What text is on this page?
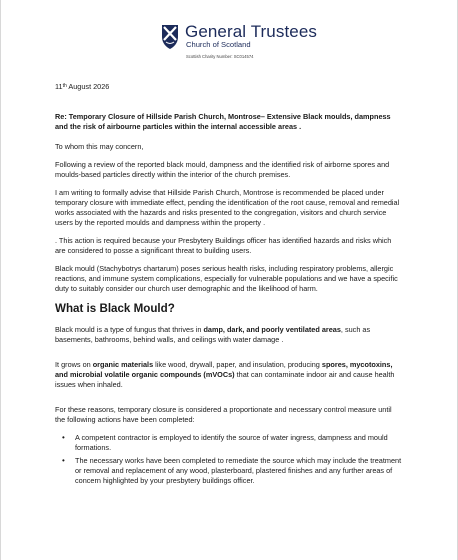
General Trustees
Church of Scotland
Scottish Charity Number: SC014574

11th August 2026

Re: Temporary Closure of Hillside Parish Church, Montrose– Extensive Black moulds, dampness and the risk of airbourne particles within the internal accessible areas .

To whom this may concern,

Following a review of the reported black mould, dampness and the identified risk of airborne spores and moulds-based particles directly within the interior of the church premises.

I am writing to formally advise that Hillside Parish Church, Montrose is recommended be placed under temporary closure with immediate effect, pending the identification of the root cause, removal and remedial works associated with the hazards and risks presented to the congregation, visitors and church service users by the reported moulds and dampness within the property .

. This action is required because your Presbytery Buildings officer has identified hazards and risks which are considered to posse a significant threat to building users.

Black mould (Stachybotrys chartarum) poses serious health risks, including respiratory problems, allergic reactions, and immune system complications, especially for vulnerable populations and we have a specific duty to suitably consider our church user demographic and the likelihood of harm.

What is Black Mould?

Black mould is a type of fungus that thrives in damp, dark, and poorly ventilated areas, such as basements, bathrooms, behind walls, and ceilings with water damage .

It grows on organic materials like wood, drywall, paper, and insulation, producing spores, mycotoxins, and microbial volatile organic compounds (mVOCs) that can contaminate indoor air and cause health issues when inhaled.

For these reasons, temporary closure is considered a proportionate and necessary control measure until the following actions have been completed:

• A competent contractor is employed to identify the source of water ingress, dampness and mould formations.
• The necessary works have been completed to remediate the source which may include the treatment or removal and replacement of any wood, plasterboard, plastered finishes and any further areas of concern highlighted by your presbytery buildings officer.
